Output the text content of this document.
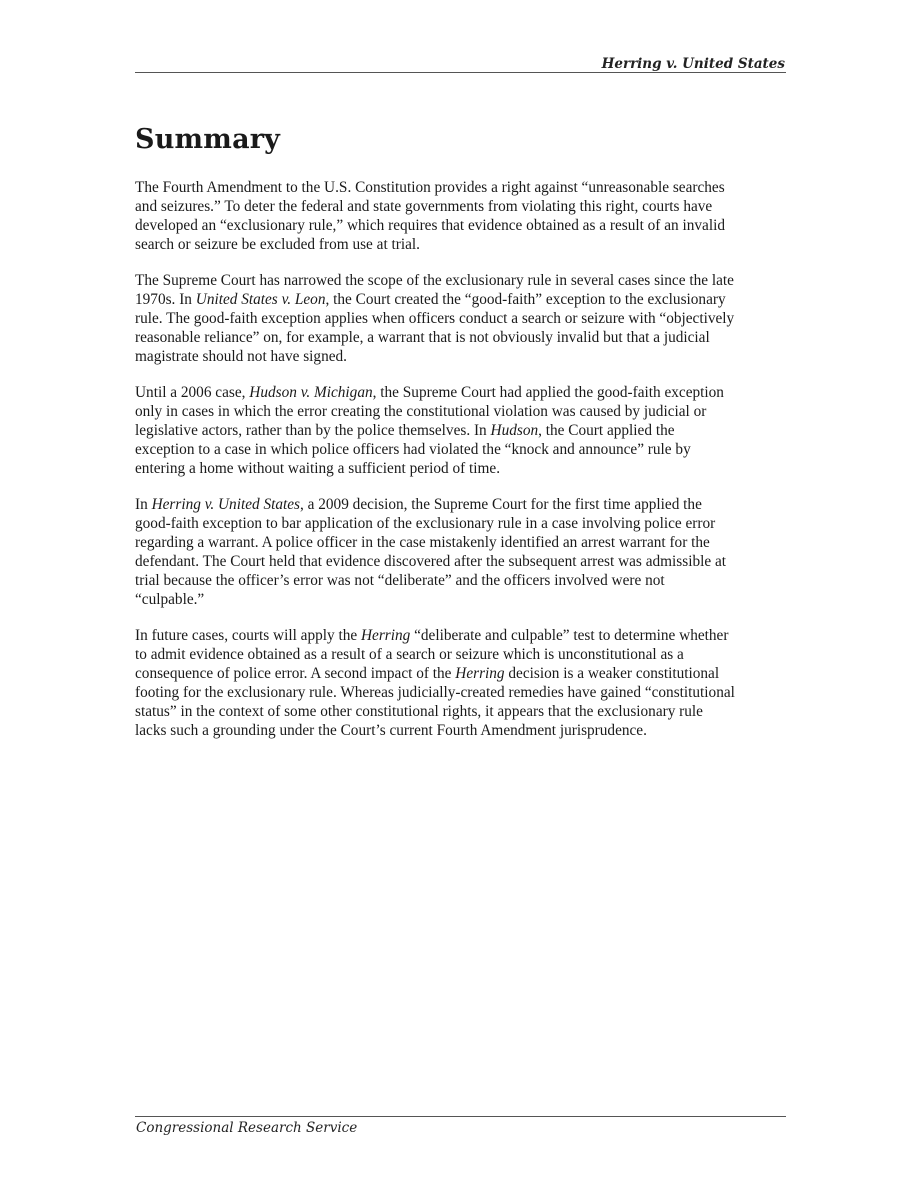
Herring v. United States
Summary

The Fourth Amendment to the U.S. Constitution provides a right against “unreasonable searches
and seizures.” To deter the federal and state governments from violating this right, courts have
developed an “exclusionary rule,” which requires that evidence obtained as a result of an invalid
search or seizure be excluded from use at trial.

The Supreme Court has narrowed the scope of the exclusionary rule in several cases since the late
1970s. In United States v. Leon, the Court created the “good-faith” exception to the exclusionary
rule. The good-faith exception applies when officers conduct a search or seizure with “objectively
reasonable reliance” on, for example, a warrant that is not obviously invalid but that a judicial
magistrate should not have signed.

Until a 2006 case, Hudson v. Michigan, the Supreme Court had applied the good-faith exception
only in cases in which the error creating the constitutional violation was caused by judicial or
legislative actors, rather than by the police themselves. In Hudson, the Court applied the
exception to a case in which police officers had violated the “knock and announce” rule by
entering a home without waiting a sufficient period of time.

In Herring v. United States, a 2009 decision, the Supreme Court for the first time applied the
good-faith exception to bar application of the exclusionary rule in a case involving police error
regarding a warrant. A police officer in the case mistakenly identified an arrest warrant for the
defendant. The Court held that evidence discovered after the subsequent arrest was admissible at
trial because the officer’s error was not “deliberate” and the officers involved were not
“culpable.”

In future cases, courts will apply the Herring “deliberate and culpable” test to determine whether
to admit evidence obtained as a result of a search or seizure which is unconstitutional as a
consequence of police error. A second impact of the Herring decision is a weaker constitutional
footing for the exclusionary rule. Whereas judicially-created remedies have gained “constitutional
status” in the context of some other constitutional rights, it appears that the exclusionary rule
lacks such a grounding under the Court’s current Fourth Amendment jurisprudence.

Congressional Research Service
